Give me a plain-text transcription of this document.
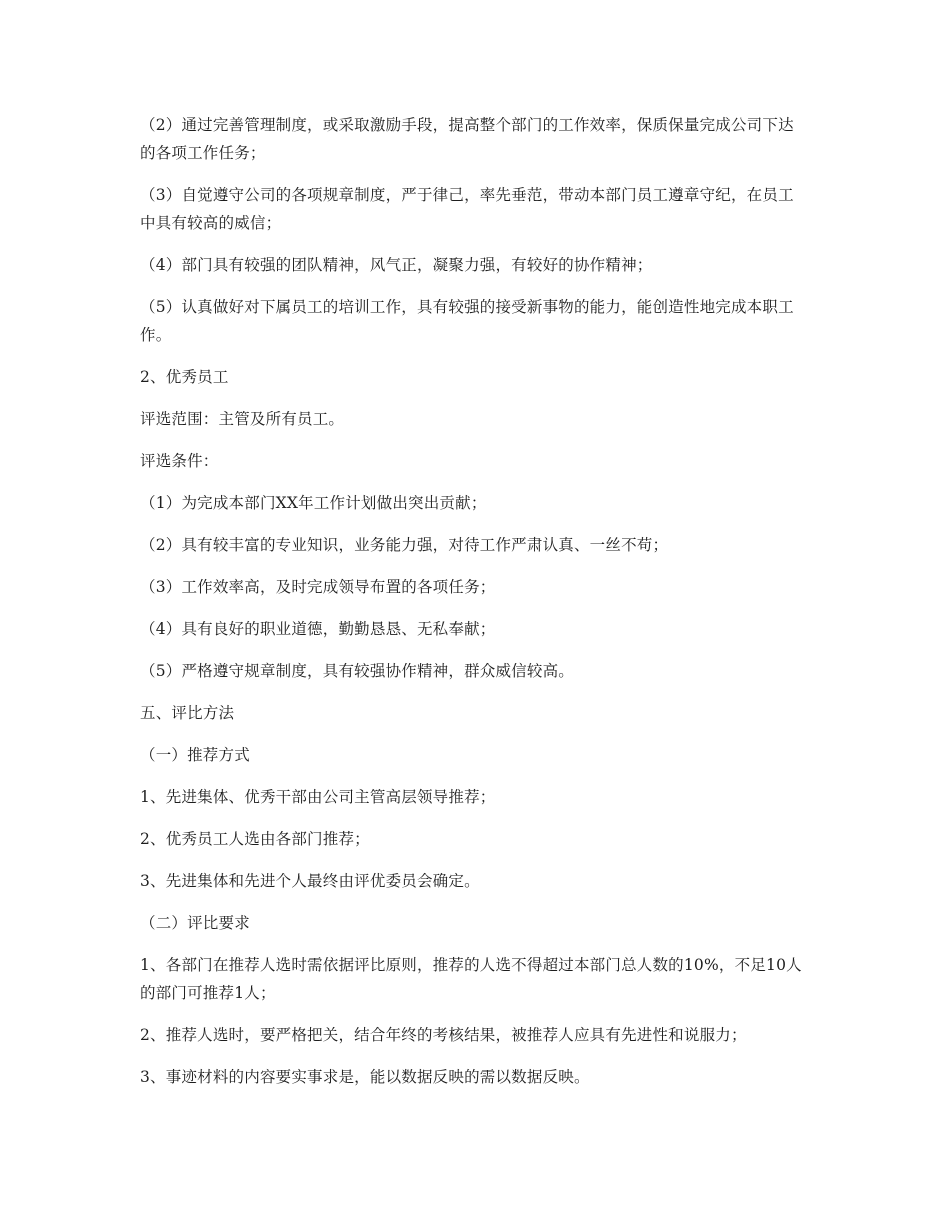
（2）通过完善管理制度，或采取激励手段，提高整个部门的工作效率，保质保量完成公司下达的各项工作任务；

（3）自觉遵守公司的各项规章制度，严于律己，率先垂范，带动本部门员工遵章守纪，在员工中具有较高的威信；

（4）部门具有较强的团队精神，风气正，凝聚力强，有较好的协作精神；

（5）认真做好对下属员工的培训工作，具有较强的接受新事物的能力，能创造性地完成本职工作。

2、优秀员工

评选范围：主管及所有员工。

评选条件：

（1）为完成本部门XX年工作计划做出突出贡献；

（2）具有较丰富的专业知识，业务能力强，对待工作严肃认真、一丝不苟；

（3）工作效率高，及时完成领导布置的各项任务；

（4）具有良好的职业道德，勤勤恳恳、无私奉献；

（5）严格遵守规章制度，具有较强协作精神，群众威信较高。

五、评比方法

（一）推荐方式

1、先进集体、优秀干部由公司主管高层领导推荐；

2、优秀员工人选由各部门推荐；

3、先进集体和先进个人最终由评优委员会确定。

（二）评比要求

1、各部门在推荐人选时需依据评比原则，推荐的人选不得超过本部门总人数的10%，不足10人的部门可推荐1人；

2、推荐人选时，要严格把关，结合年终的考核结果，被推荐人应具有先进性和说服力；

3、事迹材料的内容要实事求是，能以数据反映的需以数据反映。
